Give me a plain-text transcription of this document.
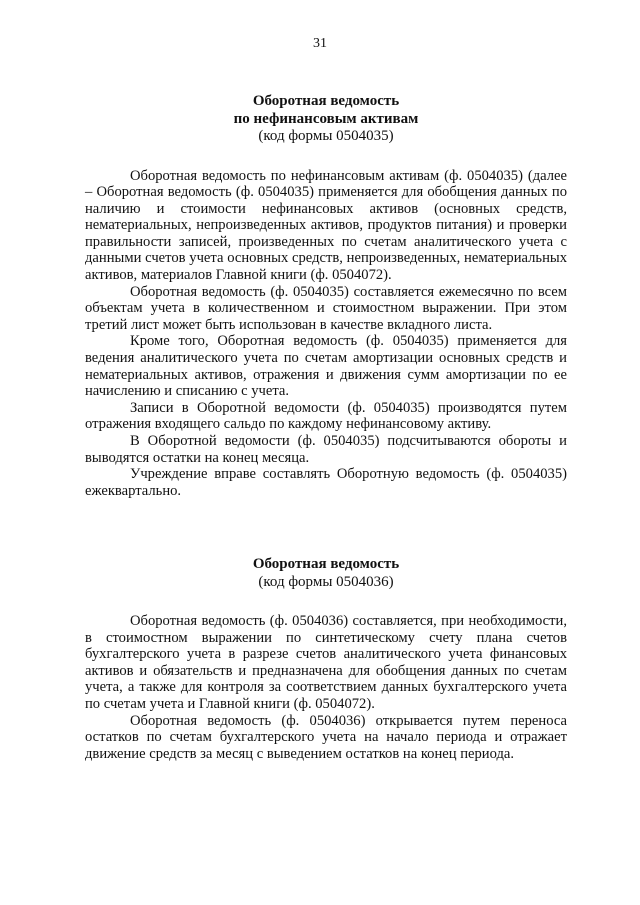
31

Оборотная ведомость

по нефинансовым активам

(код формы 0504035)

Оборотная ведомость по нефинансовым активам (ф. 0504035) (далее – Оборотная ведомость (ф. 0504035) применяется для обобщения данных по наличию и стоимости нефинансовых активов (основных средств, нематериальных, непроизведенных активов, продуктов питания) и проверки правильности записей, произведенных по счетам аналитического учета с данными счетов учета основных средств, непроизведенных, нематериальных активов, материалов Главной книги (ф. 0504072).

Оборотная ведомость (ф. 0504035) составляется ежемесячно по всем объектам учета в количественном и стоимостном выражении. При этом третий лист может быть использован в качестве вкладного листа.

Кроме того, Оборотная ведомость (ф. 0504035) применяется для ведения аналитического учета по счетам амортизации основных средств и нематериальных активов, отражения и движения сумм амортизации по ее начислению и списанию с учета.

Записи в Оборотной ведомости (ф. 0504035) производятся путем отражения входящего сальдо по каждому нефинансовому активу.

В Оборотной ведомости (ф. 0504035) подсчитываются обороты и выводятся остатки на конец месяца.

Учреждение вправе составлять Оборотную ведомость (ф. 0504035) ежеквартально.

Оборотная ведомость

(код формы 0504036)

Оборотная ведомость (ф. 0504036) составляется, при необходимости, в стоимостном выражении по синтетическому счету плана счетов бухгалтерского учета в разрезе счетов аналитического учета финансовых активов и обязательств и предназначена для обобщения данных по счетам учета, а также для контроля за соответствием данных бухгалтерского учета по счетам учета и Главной книги (ф. 0504072).

Оборотная ведомость (ф. 0504036) открывается путем переноса остатков по счетам бухгалтерского учета на начало периода и отражает движение средств за месяц с выведением остатков на конец периода.
